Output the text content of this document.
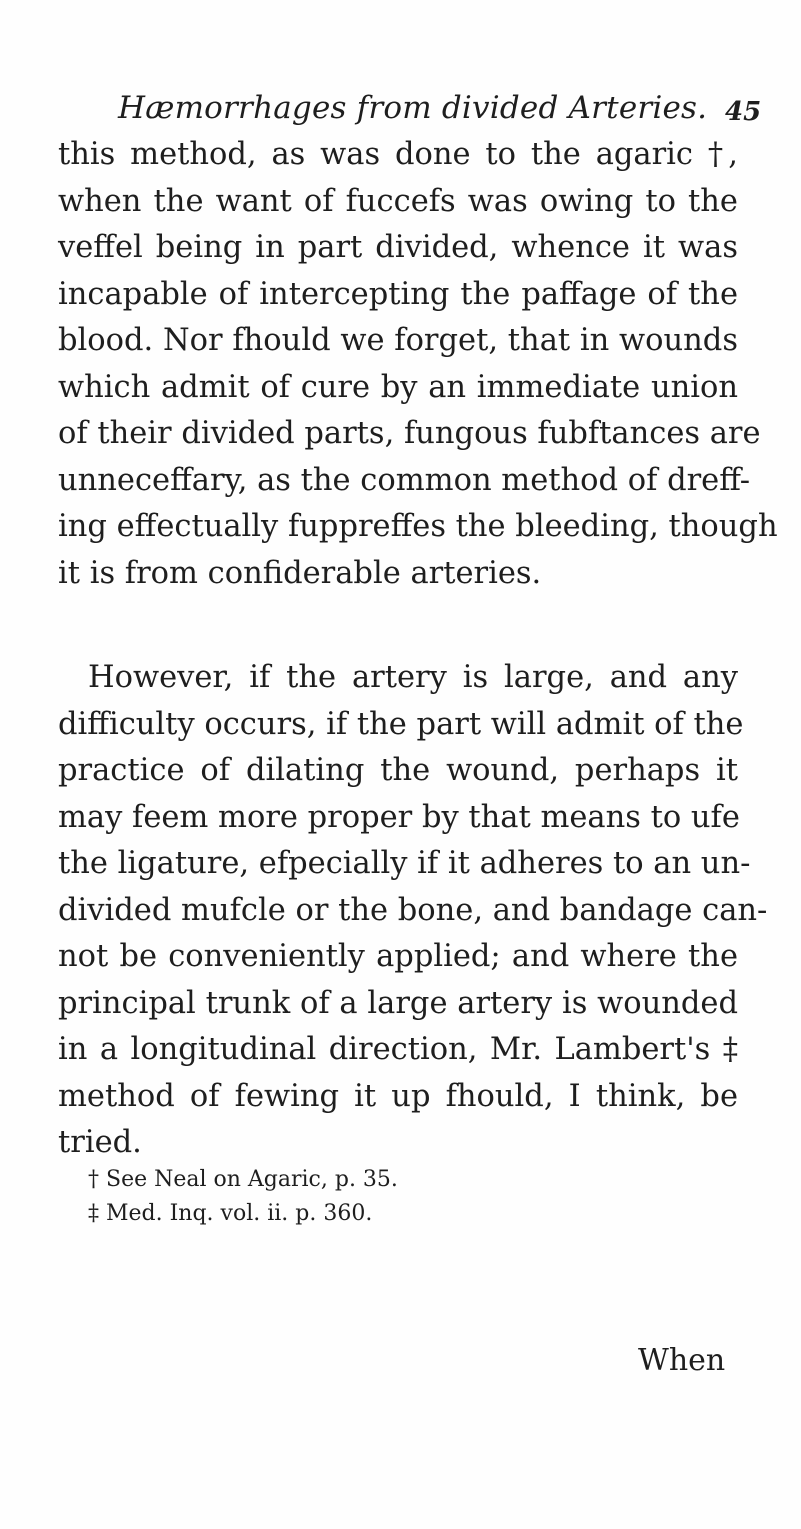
Hæmorrhages from divided Arteries. 45
this method, as was done to the agaric †,
when the want of fuccefs was owing to the
veffel being in part divided, whence it was
incapable of intercepting the paffage of the
blood. Nor fhould we forget, that in wounds
which admit of cure by an immediate union
of their divided parts, fungous fubftances are
unneceffary, as the common method of dreff-
ing effectually fuppreffes the bleeding, though
it is from confiderable arteries.
However, if the artery is large, and any
difficulty occurs, if the part will admit of the
practice of dilating the wound, perhaps it
may feem more proper by that means to ufe
the ligature, efpecially if it adheres to an un-
divided mufcle or the bone, and bandage can-
not be conveniently applied; and where the
principal trunk of a large artery is wounded
in a longitudinal direction, Mr. Lambert's ‡
method of fewing it up fhould, I think, be
tried.
† See Neal on Agaric, p. 35.
‡ Med. Inq. vol. ii. p. 360.
When
